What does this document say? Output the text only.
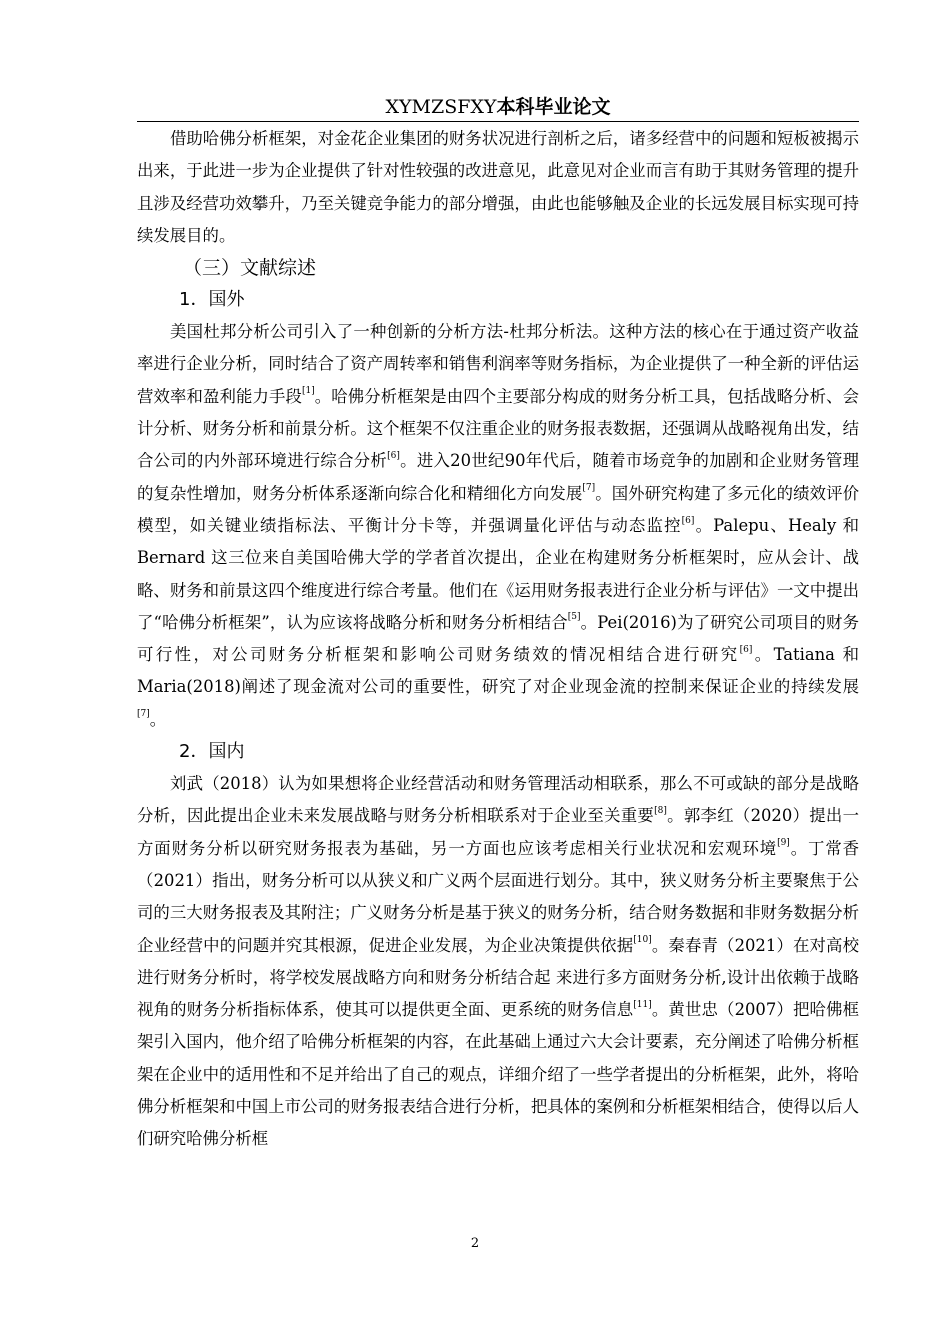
XYMZSFXY本科毕业论文

借助哈佛分析框架，对金花企业集团的财务状况进行剖析之后，诸多经营中的问题和短板被揭示出来，于此进一步为企业提供了针对性较强的改进意见，此意见对企业而言有助于其财务管理的提升且涉及经营功效攀升，乃至关键竞争能力的部分增强，由此也能够触及企业的长远发展目标实现可持续发展目的。

（三）文献综述

1．国外

美国杜邦分析公司引入了一种创新的分析方法-杜邦分析法。这种方法的核心在于通过资产收益率进行企业分析，同时结合了资产周转率和销售利润率等财务指标，为企业提供了一种全新的评估运营效率和盈利能力手段[1]。哈佛分析框架是由四个主要部分构成的财务分析工具，包括战略分析、会计分析、财务分析和前景分析。这个框架不仅注重企业的财务报表数据，还强调从战略视角出发，结合公司的内外部环境进行综合分析[6]。进入20世纪90年代后，随着市场竞争的加剧和企业财务管理的复杂性增加，财务分析体系逐渐向综合化和精细化方向发展[7]。国外研究构建了多元化的绩效评价模型，如关键业绩指标法、平衡计分卡等，并强调量化评估与动态监控[6]。Palepu、Healy 和 Bernard 这三位来自美国哈佛大学的学者首次提出，企业在构建财务分析框架时，应从会计、战略、财务和前景这四个维度进行综合考量。他们在《运用财务报表进行企业分析与评估》一文中提出了“哈佛分析框架”，认为应该将战略分析和财务分析相结合[5]。Pei(2016)为了研究公司项目的财务可行性，对公司财务分析框架和影响公司财务绩效的情况相结合进行研究[6]。Tatiana 和 Maria(2018)阐述了现金流对公司的重要性，研究了对企业现金流的控制来保证企业的持续发展[7]。

2．国内

刘武（2018）认为如果想将企业经营活动和财务管理活动相联系，那么不可或缺的部分是战略分析，因此提出企业未来发展战略与财务分析相联系对于企业至关重要[8]。郭李红（2020）提出一方面财务分析以研究财务报表为基础，另一方面也应该考虑相关行业状况和宏观环境[9]。丁常香（2021）指出，财务分析可以从狭义和广义两个层面进行划分。其中，狭义财务分析主要聚焦于公司的三大财务报表及其附注；广义财务分析是基于狭义的财务分析，结合财务数据和非财务数据分析企业经营中的问题并究其根源，促进企业发展，为企业决策提供依据[10]。秦春青（2021）在对高校进行财务分析时，将学校发展战略方向和财务分析结合起 来进行多方面财务分析,设计出依赖于战略视角的财务分析指标体系，使其可以提供更全面、更系统的财务信息[11]。黄世忠（2007）把哈佛框架引入国内，他介绍了哈佛分析框架的内容，在此基础上通过六大会计要素，充分阐述了哈佛分析框架在企业中的适用性和不足并给出了自己的观点，详细介绍了一些学者提出的分析框架，此外，将哈佛分析框架和中国上市公司的财务报表结合进行分析，把具体的案例和分析框架相结合，使得以后人们研究哈佛分析框

2
